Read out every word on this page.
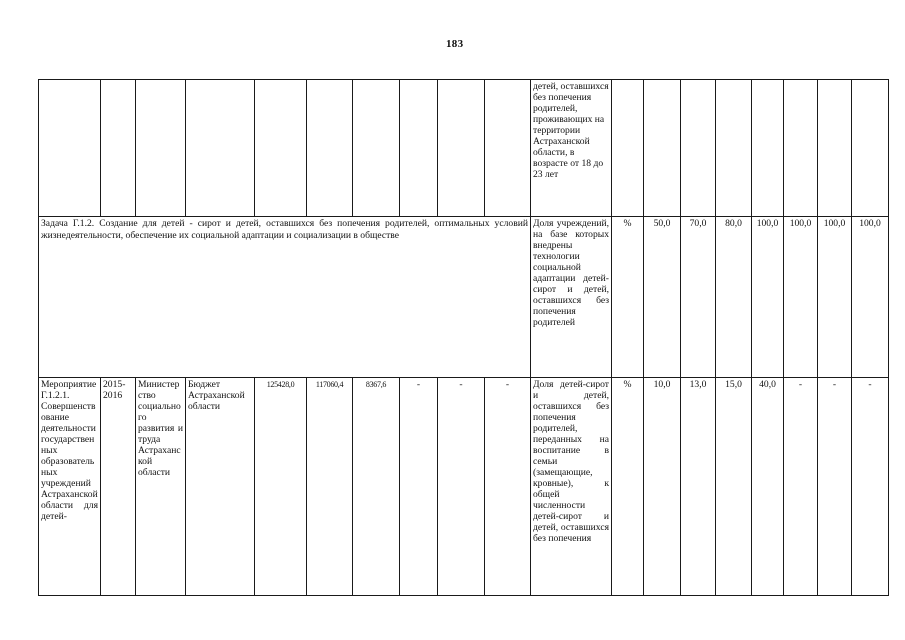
183
										детей, оставшихся без попечения родителей, проживающих на территории Астраханской области, в возрасте от 18 до 23 лет								
Задача Г.1.2. Создание для детей - сирот и детей, оставшихся без попечения родителей, оптимальных условий жизнедеятельности, обеспечение их социальной адаптации и социализации в обществе										Доля учреждений, на базе которых внедрены технологии социальной адаптации детей-сирот и детей, оставшихся без попечения родителей	%	50,0	70,0	80,0	100,0	100,0	100,0	100,0
Мероприятие Г.1.2.1. Совершенствование деятельности государственных образовательных учреждений Астраханской области для детей-	2015-2016	Министерство социального развития и труда Астраханской области	Бюджет Астраханской области	125428,0	117060,4	8367,6	-	-	-	Доля детей-сирот и детей, оставшихся без попечения родителей, переданных на воспитание в семьи (замещающие, кровные), к общей численности детей-сирот и детей, оставшихся без попечения	%	10,0	13,0	15,0	40,0	-	-	-
